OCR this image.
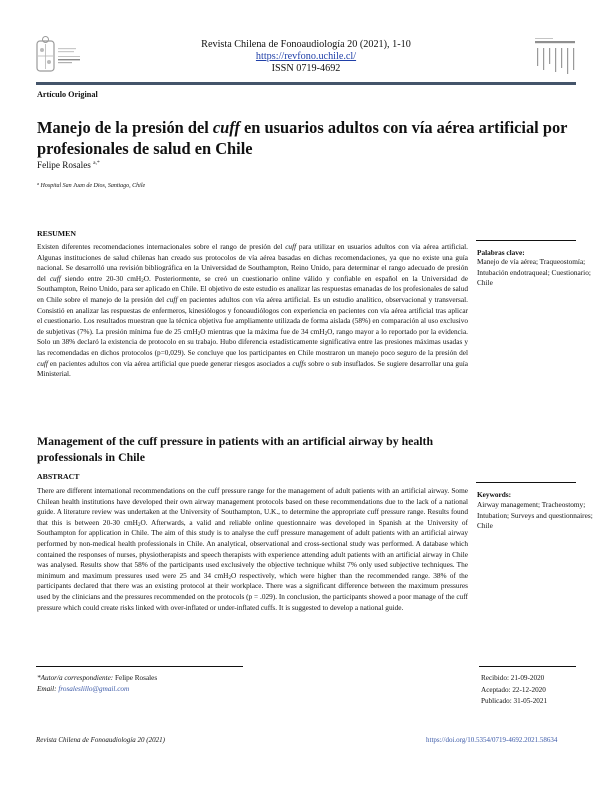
Revista Chilena de Fonoaudiología 20 (2021), 1-10
https://revfono.uchile.cl/
ISSN 0719-4692
Artículo Original
Manejo de la presión del cuff en usuarios adultos con vía aérea artificial por profesionales de salud en Chile
Felipe Rosales $^{a,*}$
$^a$ Hospital San Juan de Dios, Santiago, Chile
RESUMEN
Existen diferentes recomendaciones internacionales sobre el rango de presión del cuff para utilizar en usuarios adultos con vía aérea artificial. Algunas instituciones de salud chilenas han creado sus protocolos de vía aérea basadas en dichas recomendaciones, ya que no existe una guía nacional. Se desarrolló una revisión bibliográfica en la Universidad de Southampton, Reino Unido, para determinar el rango adecuado de presión del cuff siendo entre 20-30 cmH$_2$O. Posteriormente, se creó un cuestionario online válido y confiable en español en la Universidad de Southampton, Reino Unido, para ser aplicado en Chile. El objetivo de este estudio es analizar las respuestas emanadas de los profesionales de salud en Chile sobre el manejo de la presión del cuff en pacientes adultos con vía aérea artificial. Es un estudio analítico, observacional y transversal. Consistió en analizar las respuestas de enfermeros, kinesiólogos y fonoaudiólogos con experiencia en pacientes con vía aérea artificial tras aplicar el cuestionario. Los resultados muestran que la técnica objetiva fue ampliamente utilizada de forma aislada (58%) en comparación al uso exclusivo de subjetivas (7%). La presión mínima fue de 25 cmH$_2$O mientras que la máxima fue de 34 cmH$_2$O, rango mayor a lo reportado por la evidencia. Solo un 38% declaró la existencia de protocolo en su trabajo. Hubo diferencia estadísticamente significativa entre las presiones máximas usadas y las recomendadas en dichos protocolos (p=0,029). Se concluye que los participantes en Chile mostraron un manejo poco seguro de la presión del cuff en pacientes adultos con vía aérea artificial que puede generar riesgos asociados a cuffs sobre o sub insuflados. Se sugiere desarrollar una guía Ministerial.
Palabras clave:
Manejo de vía aérea; Traqueostomía; Intubación endotraqueal; Cuestionario; Chile
Management of the cuff pressure in patients with an artificial airway by health professionals in Chile
ABSTRACT
There are different international recommendations on the cuff pressure range for the management of adult patients with an artificial airway. Some Chilean health institutions have developed their own airway management protocols based on these recommendations due to the lack of a national guide. A literature review was undertaken at the University of Southampton, U.K., to determine the appropriate cuff pressure range. Results found that this is between 20-30 cmH$_2$O. Afterwards, a valid and reliable online questionnaire was developed in Spanish at the University of Southampton for application in Chile. The aim of this study is to analyse the cuff pressure management of adult patients with an artificial airway performed by non-medical health professionals in Chile. An analytical, observational and cross-sectional study was performed. A database which contained the responses of nurses, physiotherapists and speech therapists with experience attending adult patients with an artificial airway in Chile was analysed. Results show that 58% of the participants used exclusively the objective technique whilst 7% only used subjective techniques. The minimum and maximum pressures used were 25 and 34 cmH$_2$O respectively, which were higher than the recommended range. 38% of the participants declared that there was an existing protocol at their workplace. There was a significant difference between the maximum pressures used by the clinicians and the pressures recommended on the protocols (p = .029). In conclusion, the participants showed a poor manage of the cuff pressure which could create risks linked with over-inflated or under-inflated cuffs. It is suggested to develop a national guide.
Keywords:
Airway management; Tracheostomy; Intubation; Surveys and questionnaires; Chile
*Autor/a correspondiente: Felipe Rosales
Email: frosaleslillo@gmail.com
Recibido: 21-09-2020
Aceptado: 22-12-2020
Publicado: 31-05-2021
Revista Chilena de Fonoaudiología 20 (2021)	https://doi.org/10.5354/0719-4692.2021.58634
